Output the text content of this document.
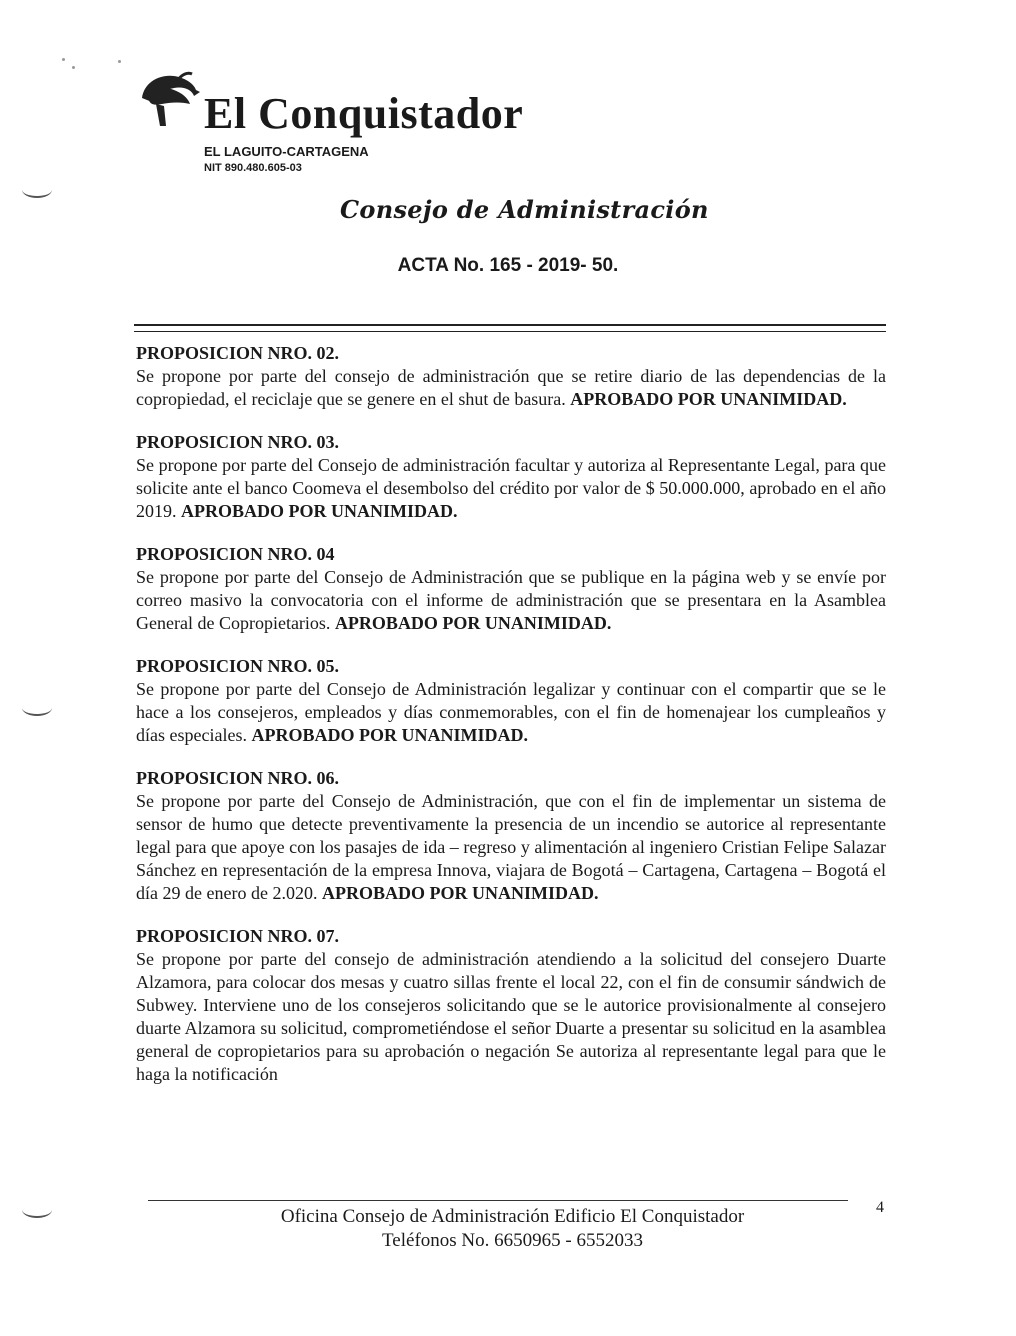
El Conquistador
EL LAGUITO-CARTAGENA
NIT 890.480.605-03
Consejo de Administración
ACTA No. 165 - 2019- 50.
PROPOSICION NRO. 02.
Se propone por parte del consejo de administración que se retire diario de las dependencias de la copropiedad, el reciclaje que se genere en el shut de basura. APROBADO POR UNANIMIDAD.
PROPOSICION NRO. 03.
Se propone por parte del Consejo de administración facultar y autoriza al Representante Legal, para que solicite ante el banco Coomeva el desembolso del crédito por valor de $ 50.000.000, aprobado en el año 2019. APROBADO POR UNANIMIDAD.
PROPOSICION NRO. 04
Se propone por parte del Consejo de Administración que se publique en la página web y se envíe por correo masivo la convocatoria con el informe de administración que se presentara en la Asamblea General de Copropietarios. APROBADO POR UNANIMIDAD.
PROPOSICION NRO. 05.
Se propone por parte del Consejo de Administración legalizar y continuar con el compartir que se le hace a los consejeros, empleados y días conmemorables, con el fin de homenajear los cumpleaños y días especiales. APROBADO POR UNANIMIDAD.
PROPOSICION NRO. 06.
Se propone por parte del Consejo de Administración, que con el fin de implementar un sistema de sensor de humo que detecte preventivamente la presencia de un incendio se autorice al representante legal para que apoye con los pasajes de ida – regreso y alimentación al ingeniero Cristian Felipe Salazar Sánchez en representación de la empresa Innova, viajara de Bogotá – Cartagena, Cartagena – Bogotá el día 29 de enero de 2.020. APROBADO POR UNANIMIDAD.
PROPOSICION NRO. 07.
Se propone por parte del consejo de administración atendiendo a la solicitud del consejero Duarte Alzamora, para colocar dos mesas y cuatro sillas frente el local 22, con el fin de consumir sándwich de Subwey. Interviene uno de los consejeros solicitando que se le autorice provisionalmente al consejero duarte Alzamora su solicitud, comprometiéndose el señor Duarte a presentar su solicitud en la asamblea general de copropietarios para su aprobación o negación Se autoriza al representante legal para que le haga la notificación
Oficina Consejo de Administración Edificio El Conquistador
Teléfonos No. 6650965 - 6552033
4
